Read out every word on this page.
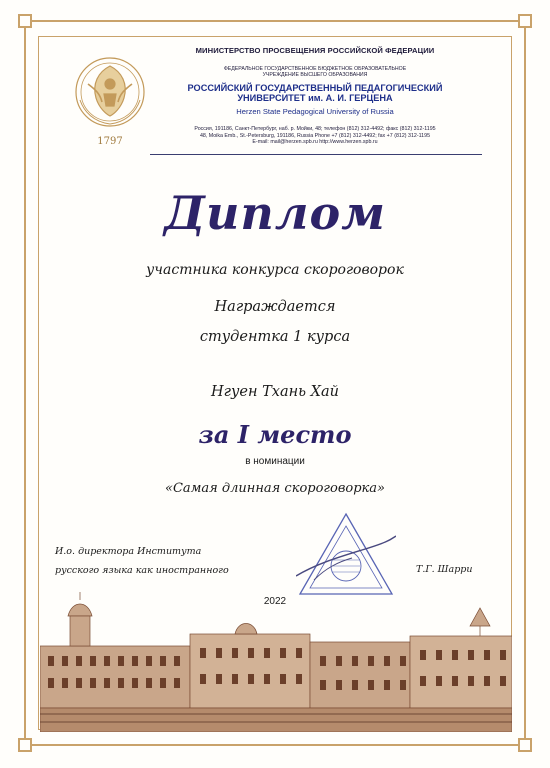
1797
МИНИСТЕРСТВО ПРОСВЕЩЕНИЯ РОССИЙСКОЙ ФЕДЕРАЦИИ
ФЕДЕРАЛЬНОЕ ГОСУДАРСТВЕННОЕ БЮДЖЕТНОЕ ОБРАЗОВАТЕЛЬНОЕ
УЧРЕЖДЕНИЕ ВЫСШЕГО ОБРАЗОВАНИЯ
РОССИЙСКИЙ ГОСУДАРСТВЕННЫЙ ПЕДАГОГИЧЕСКИЙ
УНИВЕРСИТЕТ им. А. И. ГЕРЦЕНА
Herzen State Pedagogical University of Russia
Россия, 191186, Санкт-Петербург, наб. р. Мойки, 48; телефон (812) 312-4492; факс (812) 312-1195
48, Moika Emb., St.-Petersburg, 191186, Russia Phone +7 (812) 312-4492; fax +7 (812) 312-1195
E-mail: mail@herzen.spb.ru http://www.herzen.spb.ru
Диплом
участника конкурса скороговорок
Награждается
студентка 1 курса
Нгуен Тхань Хай
за I место
в номинации
«Самая длинная скороговорка»
И.о. директора Института
русского языка как иностранного	Т.Г. Шарри
2022
